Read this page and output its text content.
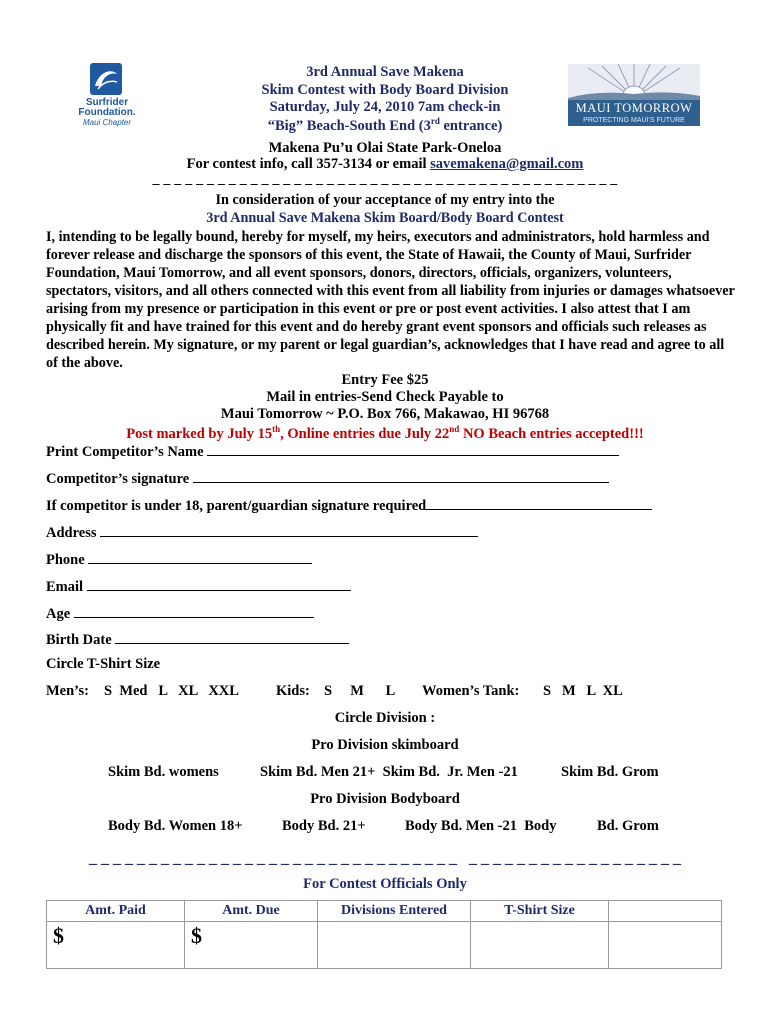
Surfrider
Foundation.
Maui Chapter
MAUI TOMORROW
PROTECTING MAUI'S FUTURE
3rd Annual Save Makena
Skim Contest with Body Board Division
Saturday, July 24, 2010 7am check-in
“Big” Beach-South End (3rd entrance)
Makena Pu’u Olai State Park-Oneloa
For contest info, call 357-3134 or email savemakena@gmail.com
_ _ _ _ _ _ _ _ _ _ _ _ _ _ _ _ _ _ _ _ _ _ _ _ _ _ _ _ _ _ _ _ _ _ _ _ _ _ _ _ _ _ _
In consideration of your acceptance of my entry into the
3rd Annual Save Makena Skim Board/Body Board Contest
I, intending to be legally bound, hereby for myself, my heirs, executors and administrators, hold harmless and forever release and discharge the sponsors of this event, the State of Hawaii, the County of Maui, Surfrider Foundation, Maui Tomorrow, and all event sponsors, donors, directors, officials, organizers, volunteers, spectators, visitors, and all others connected with this event from all liability from injuries or damages whatsoever arising from my presence or participation in this event or pre or post event activities. I also attest that I am physically fit and have trained for this event and do hereby grant event sponsors and officials such releases as described herein. My signature, or my parent or legal guardian’s, acknowledges that I have read and agree to all of the above.
Entry Fee $25
Mail in entries-Send Check Payable to
Maui Tomorrow ~ P.O. Box 766, Makawao, HI 96768
Post marked by July 15th, Online entries due July 22nd NO Beach entries accepted!!!
Print Competitor’s Name
Competitor’s signature
If competitor is under 18, parent/guardian signature required
Address
Phone
Email
Age
Birth Date
Circle T-Shirt Size
Men’s: S  Med   L   XL   XXL	Kids: S     M      L Women’s Tank: S   M   L  XL
Circle Division :
Pro Division skimboard
Skim Bd. womens	Skim Bd. Men 21+  Skim Bd.  Jr. Men -21	Skim Bd. Grom
Pro Division Bodyboard
Body Bd. Women 18+	Body Bd. 21+	Body Bd. Men -21  Body	Bd. Grom
_ _ _ _ _ _ _ _ _ _ _ _ _ _ _ _ _ _ _ _ _ _ _ _ _ _ _ _ _ _ _   _ _ _ _ _ _ _ _ _ _ _ _ _ _ _ _ _ _
For Contest Officials Only
Amt. Paid	Amt. Due	Divisions Entered	T-Shirt Size	
$	$			
